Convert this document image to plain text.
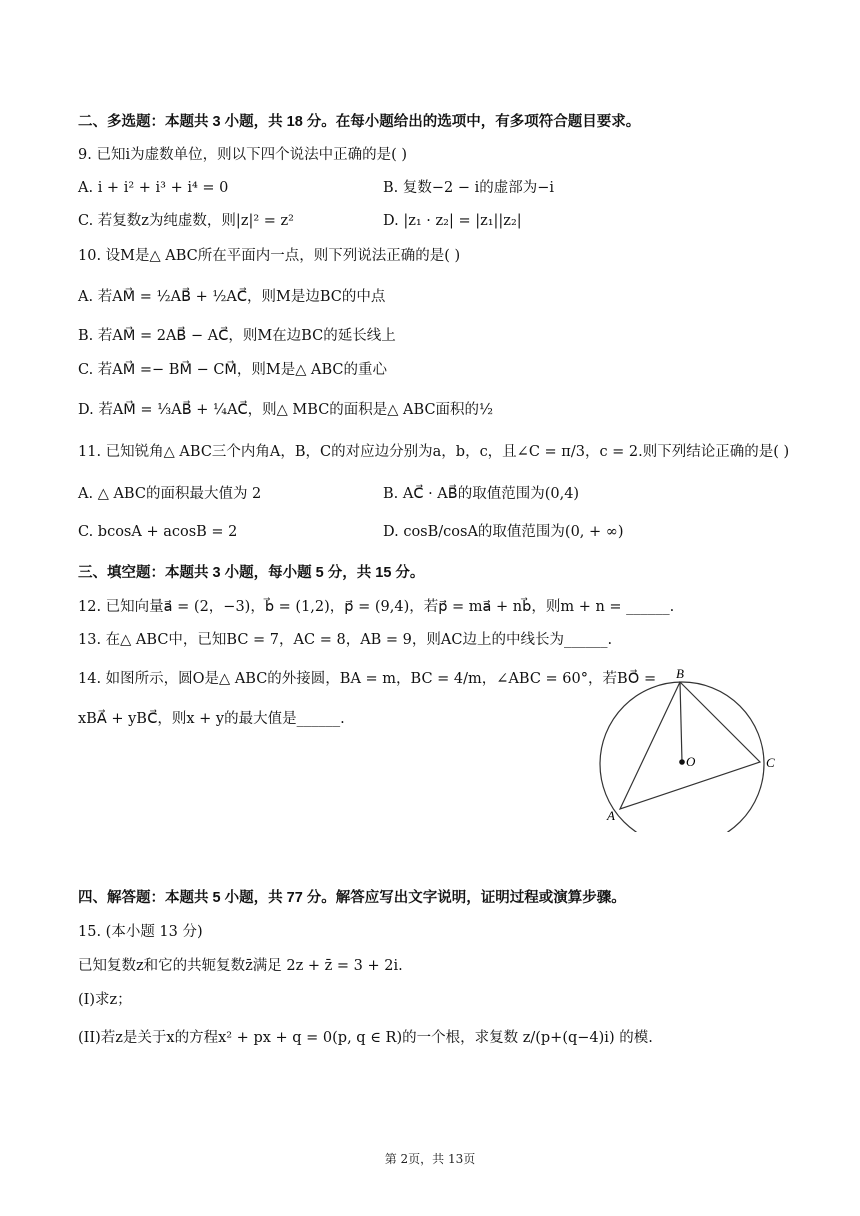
二、多选题：本题共 3 小题，共 18 分。在每小题给出的选项中，有多项符合题目要求。
9. 已知i为虚数单位，则以下四个说法中正确的是( )
A. i + i² + i³ + i⁴ = 0	B. 复数−2 − i的虚部为−i
C. 若复数z为纯虚数，则|z|² = z²	D. |z₁ · z₂| = |z₁||z₂|
10. 设M是△ ABC所在平面内一点，则下列说法正确的是( )
A. 若AM⃗ = ½AB⃗ + ½AC⃗，则M是边BC的中点
B. 若AM⃗ = 2AB⃗ − AC⃗，则M在边BC的延长线上
C. 若AM⃗ =− BM⃗ − CM⃗，则M是△ ABC的重心
D. 若AM⃗ = ⅓AB⃗ + ¼AC⃗，则△ MBC的面积是△ ABC面积的½
11. 已知锐角△ ABC三个内角A，B，C的对应边分别为a，b，c，且∠C = π/3，c = 2.则下列结论正确的是( )
A. △ ABC的面积最大值为 2	B. AC⃗ · AB⃗的取值范围为(0,4)
C. bcosA + acosB = 2	D. cosB/cosA的取值范围为(0, + ∞)
三、填空题：本题共 3 小题，每小题 5 分，共 15 分。
12. 已知向量a⃗ = (2，−3)，b⃗ = (1,2)，p⃗ = (9,4)，若p⃗ = ma⃗ + nb⃗，则m + n = ______.
13. 在△ ABC中，已知BC = 7，AC = 8，AB = 9，则AC边上的中线长为______.
14. 如图所示，圆O是△ ABC的外接圆，BA = m，BC = 4/m，∠ABC = 60°，若BO⃗ =
xBA⃗ + yBC⃗，则x + y的最大值是______.
A
B
C
O
四、解答题：本题共 5 小题，共 77 分。解答应写出文字说明，证明过程或演算步骤。
15. (本小题 13 分)
已知复数z和它的共轭复数z̄满足 2z + z̄ = 3 + 2i.
(I)求z；
(II)若z是关于x的方程x² + px + q = 0(p, q ∈ R)的一个根，求复数 z/(p+(q−4)i) 的模.
第 2页，共 13页
